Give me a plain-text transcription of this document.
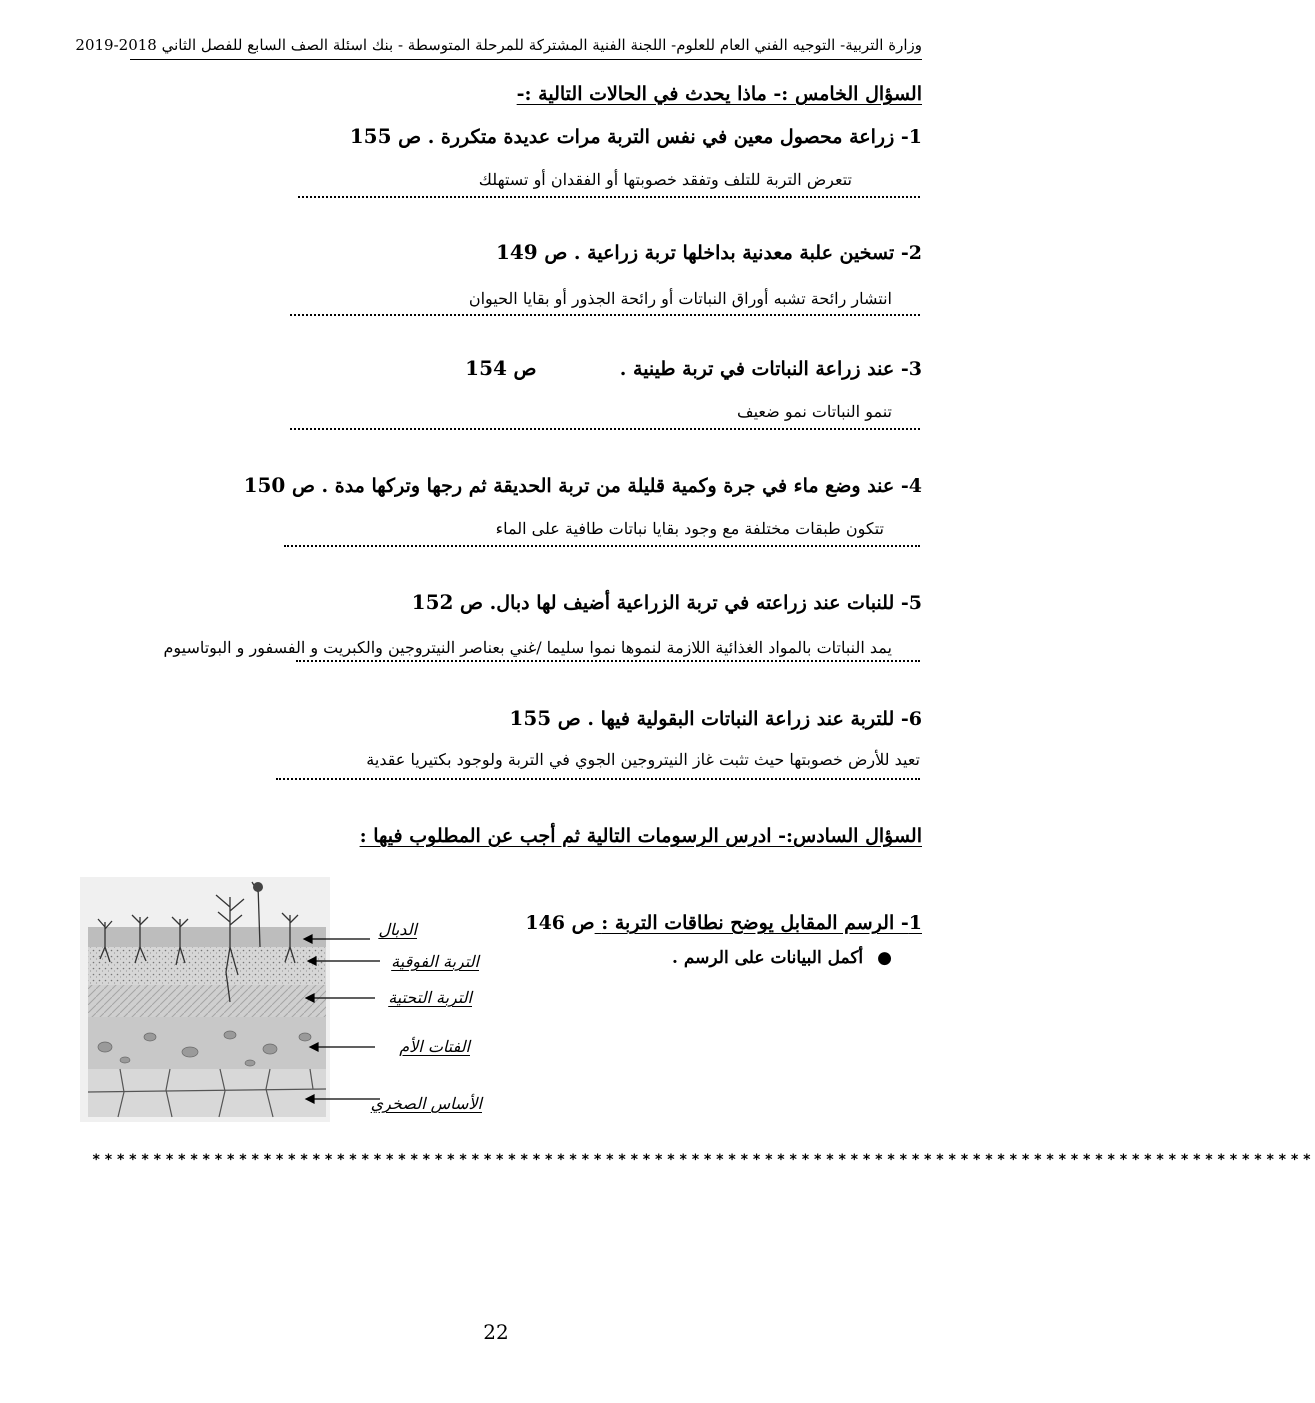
وزارة التربية- التوجيه الفني العام للعلوم- اللجنة الفنية المشتركة للمرحلة المتوسطة - بنك اسئلة الصف السابع للفصل الثاني 2018-2019
السؤال الخامس :- ماذا يحدث في الحالات التالية :-
1- زراعة محصول معين في نفس التربة مرات عديدة متكررة . ص 155
تتعرض التربة للتلف وتفقد خصوبتها أو الفقدان أو تستهلك
2- تسخين علبة معدنية بداخلها تربة زراعية . ص 149
انتشار رائحة تشبه أوراق النباتات أو رائحة الجذور أو بقايا الحيوان
3- عند زراعة النباتات في تربة طينية .  ص 154
تنمو النباتات نمو ضعيف
4- عند وضع ماء في جرة وكمية قليلة من تربة الحديقة ثم رجها وتركها مدة . ص 150
تتكون طبقات مختلفة مع وجود بقايا نباتات طافية على الماء
5- للنبات عند زراعته في تربة الزراعية أضيف لها دبال. ص 152
يمد النباتات بالمواد الغذائية اللازمة لنموها نموا سليما /غني بعناصر النيتروجين والكبريت و الفسفور و البوتاسيوم
6- للتربة عند زراعة النباتات البقولية فيها . ص 155
تعيد للأرض خصوبتها حيث تثبت غاز النيتروجين الجوي في التربة ولوجود بكتيريا عقدية
السؤال السادس:- ادرس الرسومات التالية ثم أجب عن المطلوب فيها :
1- الرسم المقابل يوضح نطاقات التربة : ص 146
●أكمل البيانات على الرسم .
الدبال
التربة الفوقية
التربة التحتية
الفتات الأم
الأساس الصخري
****************************************************************************************************
22
